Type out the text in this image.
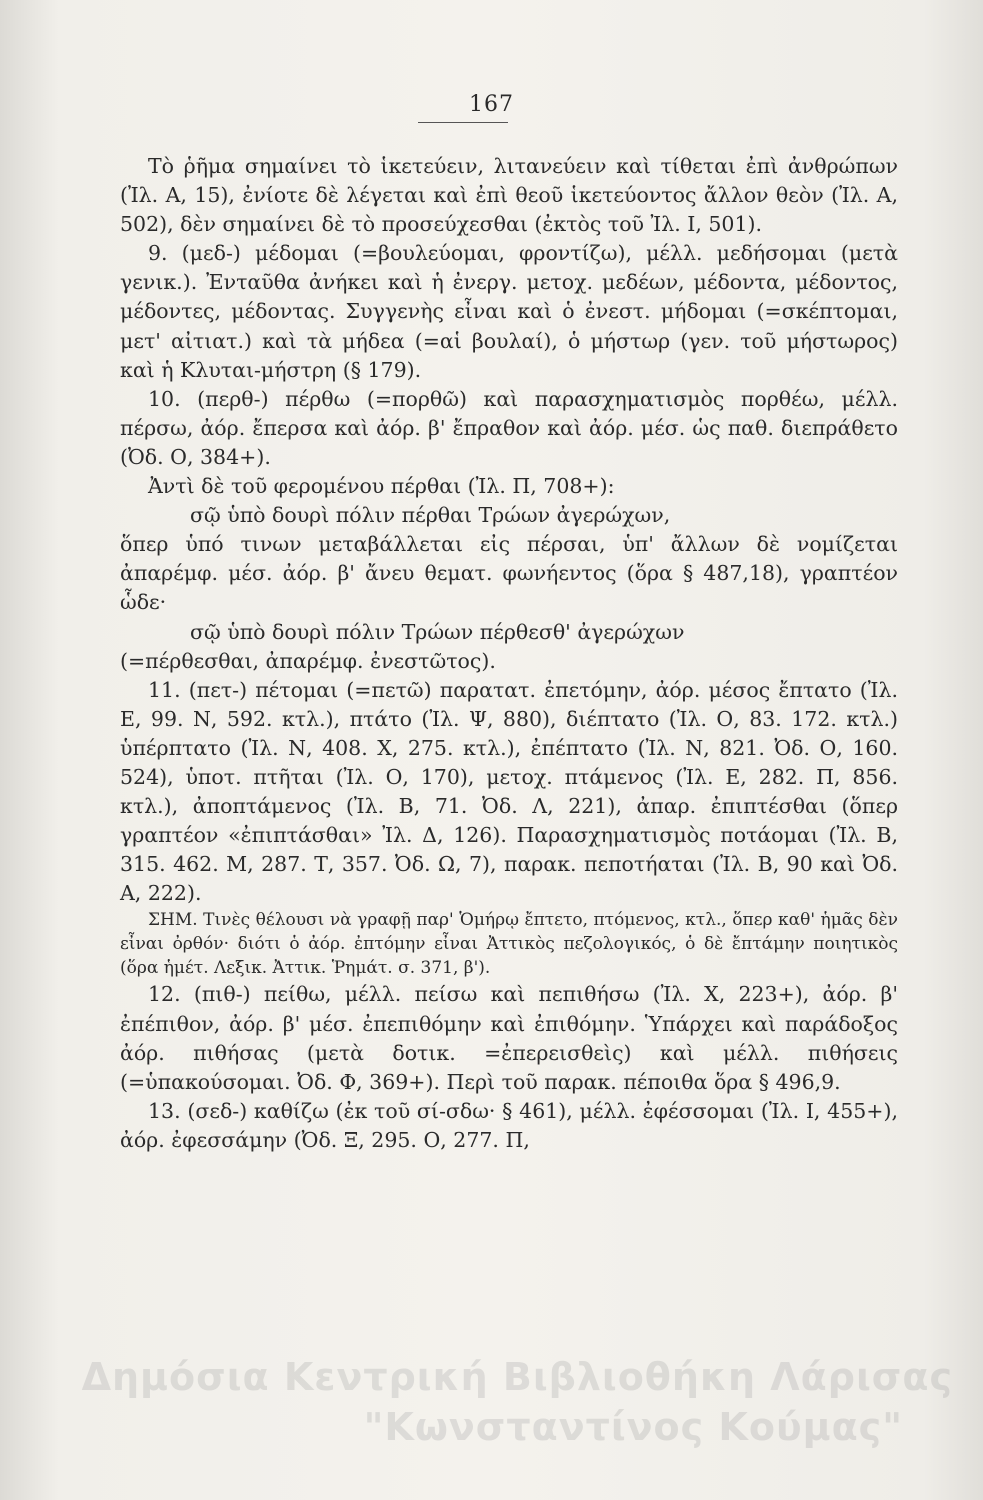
167

Τὸ ῥῆμα σημαίνει τὸ ἱκετεύειν, λιτανεύειν καὶ τίθεται ἐπὶ ἀνθρώπων (Ἰλ. Α, 15), ἐνίοτε δὲ λέγεται καὶ ἐπὶ θεοῦ ἱκετεύοντος ἄλλον θεὸν (Ἰλ. Α, 502), δὲν σημαίνει δὲ τὸ προσεύχεσθαι (ἐκτὸς τοῦ Ἰλ. Ι, 501).

9. (μεδ-) μέδομαι (=βουλεύομαι, φροντίζω), μέλλ. μεδήσομαι (μετὰ γενικ.). Ἐνταῦθα ἀνήκει καὶ ἡ ἐνεργ. μετοχ. μεδέων, μέδοντα, μέδοντος, μέδοντες, μέδοντας. Συγγενὴς εἶναι καὶ ὁ ἐνεστ. μήδομαι (=σκέπτομαι, μετ' αἰτιατ.) καὶ τὰ μήδεα (=αἱ βουλαί), ὁ μήστωρ (γεν. τοῦ μήστωρος) καὶ ἡ Κλυται-μήστρη (§ 179).

10. (περθ-) πέρθω (=πορθῶ) καὶ παρασχηματισμὸς πορθέω, μέλλ. πέρσω, ἀόρ. ἔπερσα καὶ ἀόρ. β' ἔπραθον καὶ ἀόρ. μέσ. ὡς παθ. διεπράθετο (Ὀδ. Ο, 384+).

Ἀντὶ δὲ τοῦ φερομένου πέρθαι (Ἰλ. Π, 708+):

σῷ ὑπὸ δουρὶ πόλιν πέρθαι Τρώων ἀγερώχων,

ὅπερ ὑπό τινων μεταβάλλεται εἰς πέρσαι, ὑπ' ἄλλων δὲ νομίζεται ἀπαρέμφ. μέσ. ἀόρ. β' ἄνευ θεματ. φωνήεντος (ὅρα § 487,18), γραπτέον ὧδε·

σῷ ὑπὸ δουρὶ πόλιν Τρώων πέρθεσθ' ἀγερώχων

(=πέρθεσθαι, ἀπαρέμφ. ἐνεστῶτος).

11. (πετ-) πέτομαι (=πετῶ) παρατατ. ἐπετόμην, ἀόρ. μέσος ἔπτατο (Ἰλ. Ε, 99. Ν, 592. κτλ.), πτάτο (Ἰλ. Ψ, 880), διέπτατο (Ἰλ. Ο, 83. 172. κτλ.) ὑπέρπτατο (Ἰλ. Ν, 408. Χ, 275. κτλ.), ἐπέπτατο (Ἰλ. Ν, 821. Ὀδ. Ο, 160. 524), ὑποτ. πτῆται (Ἰλ. Ο, 170), μετοχ. πτάμενος (Ἰλ. Ε, 282. Π, 856. κτλ.), ἀποπτάμενος (Ἰλ. Β, 71. Ὀδ. Λ, 221), ἀπαρ. ἐπιπτέσθαι (ὅπερ γραπτέον «ἐπιπτάσθαι» Ἰλ. Δ, 126). Παρασχηματισμὸς ποτάομαι (Ἰλ. Β, 315. 462. Μ, 287. Τ, 357. Ὀδ. Ω, 7), παρακ. πεποτήαται (Ἰλ. Β, 90 καὶ Ὀδ. Α, 222).

ΣΗΜ. Τινὲς θέλουσι νὰ γραφῇ παρ' Ὁμήρῳ ἔπτετο, πτόμενος, κτλ., ὅπερ καθ' ἡμᾶς δὲν εἶναι ὀρθόν· διότι ὁ ἀόρ. ἐπτόμην εἶναι Ἀττικὸς πεζολογικός, ὁ δὲ ἔπτάμην ποιητικὸς (ὅρα ἡμέτ. Λεξικ. Ἀττικ. Ῥημάτ. σ. 371, β').

12. (πιθ-) πείθω, μέλλ. πείσω καὶ πεπιθήσω (Ἰλ. Χ, 223+), ἀόρ. β' ἐπέπιθον, ἀόρ. β' μέσ. ἐπεπιθόμην καὶ ἐπιθόμην. Ὑπάρχει καὶ παράδοξος ἀόρ. πιθήσας (μετὰ δοτικ. =ἐπερεισθεὶς) καὶ μέλλ. πιθήσεις (=ὑπακούσομαι. Ὀδ. Φ, 369+). Περὶ τοῦ παρακ. πέποιθα ὅρα § 496,9.

13. (σεδ-) καθίζω (ἐκ τοῦ σί-σδω· § 461), μέλλ. ἐφέσσομαι (Ἰλ. Ι, 455+), ἀόρ. ἐφεσσάμην (Ὀδ. Ξ, 295. Ο, 277. Π,

Δημόσια Κεντρική Βιβλιοθήκη Λάρισας
"Κωνσταντίνος Κούμας"
